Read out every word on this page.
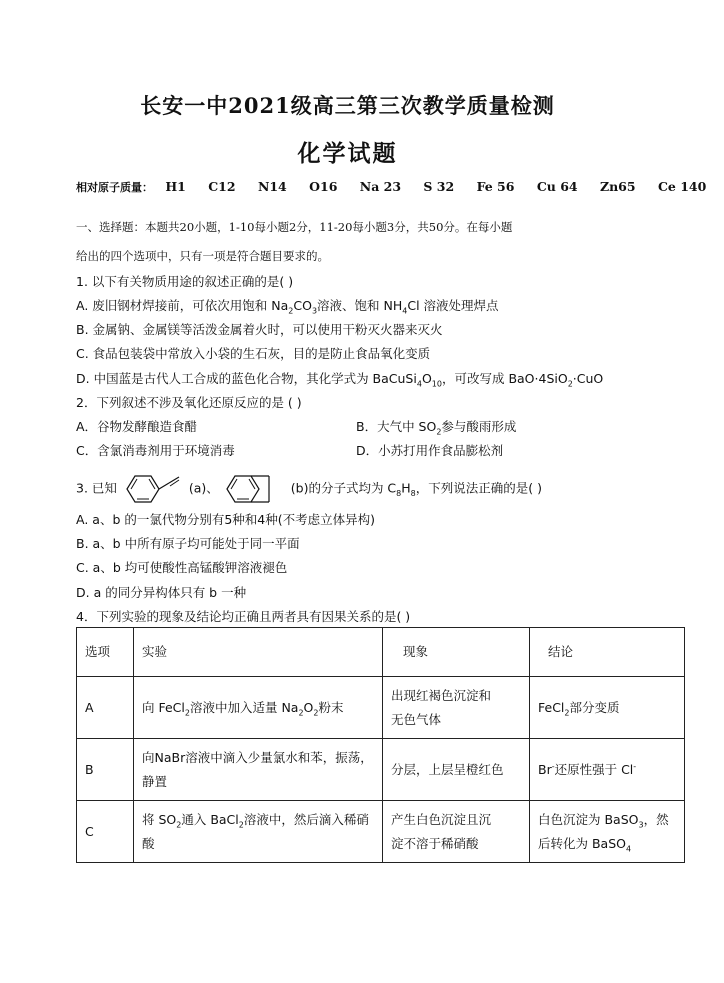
长安一中2021级高三第三次教学质量检测
化学试题
相对原子质量： H1 C12 N14 O16 Na 23 S 32 Fe 56 Cu 64 Zn65 Ce 140
一、选择题：本题共20小题，1-10每小题2分，11-20每小题3分，共50分。在每小题
给出的四个选项中，只有一项是符合题目要求的。
1. 以下有关物质用途的叙述正确的是( )
A. 废旧钢材焊接前，可依次用饱和 $Na_2CO_3$溶液、饱和 $NH_4Cl$ 溶液处理焊点
B. 金属钠、金属镁等活泼金属着火时，可以使用干粉灭火器来灭火
C. 食品包装袋中常放入小袋的生石灰，目的是防止食品氧化变质
D. 中国蓝是古代人工合成的蓝色化合物，其化学式为 $BaCuSi_4O_{10}$，可改写成 BaO·4SiO$_2$·CuO
2．下列叙述不涉及氧化还原反应的是 ( )
A．谷物发酵酿造食醋	B．大气中 $SO_2$参与酸雨形成
C．含氯消毒剂用于环境消毒	D．小苏打用作食品膨松剂
3. 已知	(a)、	(b)的分子式均为 $C_8H_8$，下列说法正确的是( )
A. a、b 的一氯代物分别有5种和4种(不考虑立体异构)
B. a、b 中所有原子均可能处于同一平面
C. a、b 均可使酸性高锰酸钾溶液褪色
D. a 的同分异构体只有 b 一种
4．下列实验的现象及结论均正确且两者具有因果关系的是( )
选项	实验	现象	结论
A	向 FeCl$_2$溶液中加入适量 $Na_2O_2$粉末	出现红褐色沉淀和
无色气体	FeCl$_2$部分变质
B	向NaBr溶液中滴入少量氯水和苯，振荡，
静置	分层，上层呈橙红色	Br-还原性强于 Cl-
C	将 $SO_2$通入 BaCl$_2$溶液中，然后滴入稀硝
酸	产生白色沉淀且沉
淀不溶于稀硝酸	白色沉淀为 BaSO$_3$，然
后转化为 BaSO$_4$
